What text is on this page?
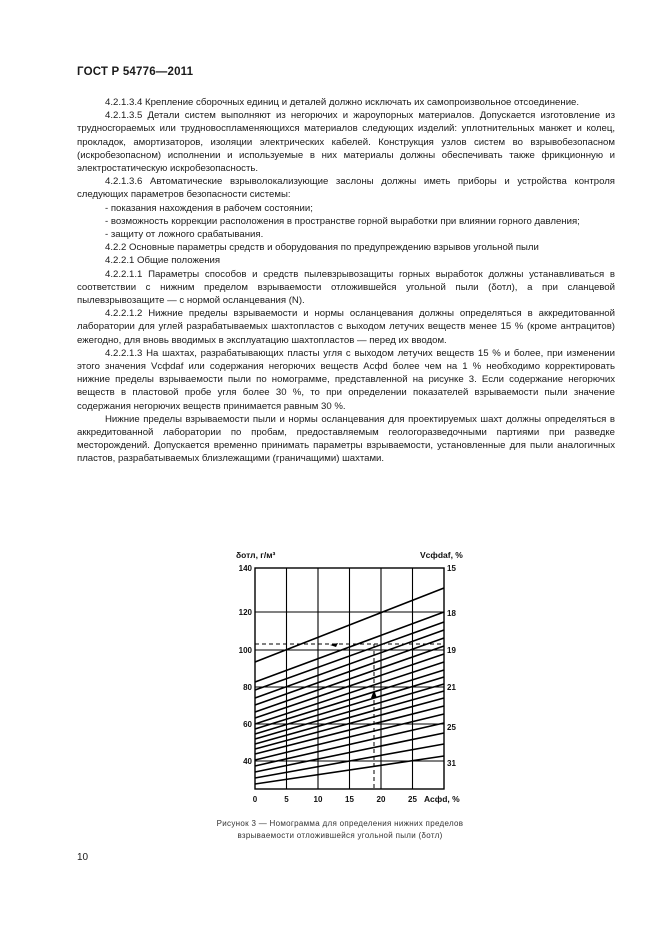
ГОСТ Р 54776—2011

4.2.1.3.4 Крепление сборочных единиц и деталей должно исключать их самопроизвольное отсоединение.

4.2.1.3.5 Детали систем выполняют из негорючих и жароупорных материалов. Допускается изготовление из трудносгораемых или трудновоспламеняющихся материалов следующих изделий: уплотнительных манжет и колец, прокладок, амортизаторов, изоляции электрических кабелей. Конструкция узлов систем во взрывобезопасном (искробезопасном) исполнении и используемые в них материалы должны обеспечивать также фрикционную и электростатическую искробезопасность.

4.2.1.3.6 Автоматические взрыволокализующие заслоны должны иметь приборы и устройства контроля следующих параметров безопасности системы:

- показания нахождения в рабочем состоянии;

- возможность коррекции расположения в пространстве горной выработки при влиянии горного давления;

- защиту от ложного срабатывания.

4.2.2 Основные параметры средств и оборудования по предупреждению взрывов угольной пыли

4.2.2.1 Общие положения

4.2.2.1.1 Параметры способов и средств пылевзрывозащиты горных выработок должны устанавливаться в соответствии с нижним пределом взрываемости отложившейся угольной пыли (δотл), а при сланцевой пылевзрывозащите — с нормой осланцевания (N).

4.2.2.1.2 Нижние пределы взрываемости и нормы осланцевания должны определяться в аккредитованной лаборатории для углей разрабатываемых шахтопластов с выходом летучих веществ менее 15 % (кроме антрацитов) ежегодно, для вновь вводимых в эксплуатацию шахтопластов — перед их вводом.

4.2.2.1.3 На шахтах, разрабатывающих пласты угля с выходом летучих веществ 15 % и более, при изменении этого значения Vсфdaf или содержания негорючих веществ Асфd более чем на 1 % необходимо корректировать нижние пределы взрываемости пыли по номограмме, представленной на рисунке 3. Если содержание негорючих веществ в пластовой пробе угля более 30 %, то при определении показателей взрываемости пыли значение содержания негорючих веществ принимается равным 30 %.

Нижние пределы взрываемости пыли и нормы осланцевания для проектируемых шахт должны определяться в аккредитованной лаборатории по пробам, предоставляемым геологоразведочными партиями при разведке месторождений. Допускается временно принимать параметры взрываемости, установленные для пыли аналогичных пластов, разрабатываемых близлежащими (граничащими) шахтами.

δотл, г/м³	Vсфdaf, %
Асфd, %
140
120
100
80
60
40
15
18
19
21
25
31
0	5	10	15	20	25
Рисунок 3 — Номограмма для определения нижних пределов
взрываемости отложившейся угольной пыли (δотл)
10
